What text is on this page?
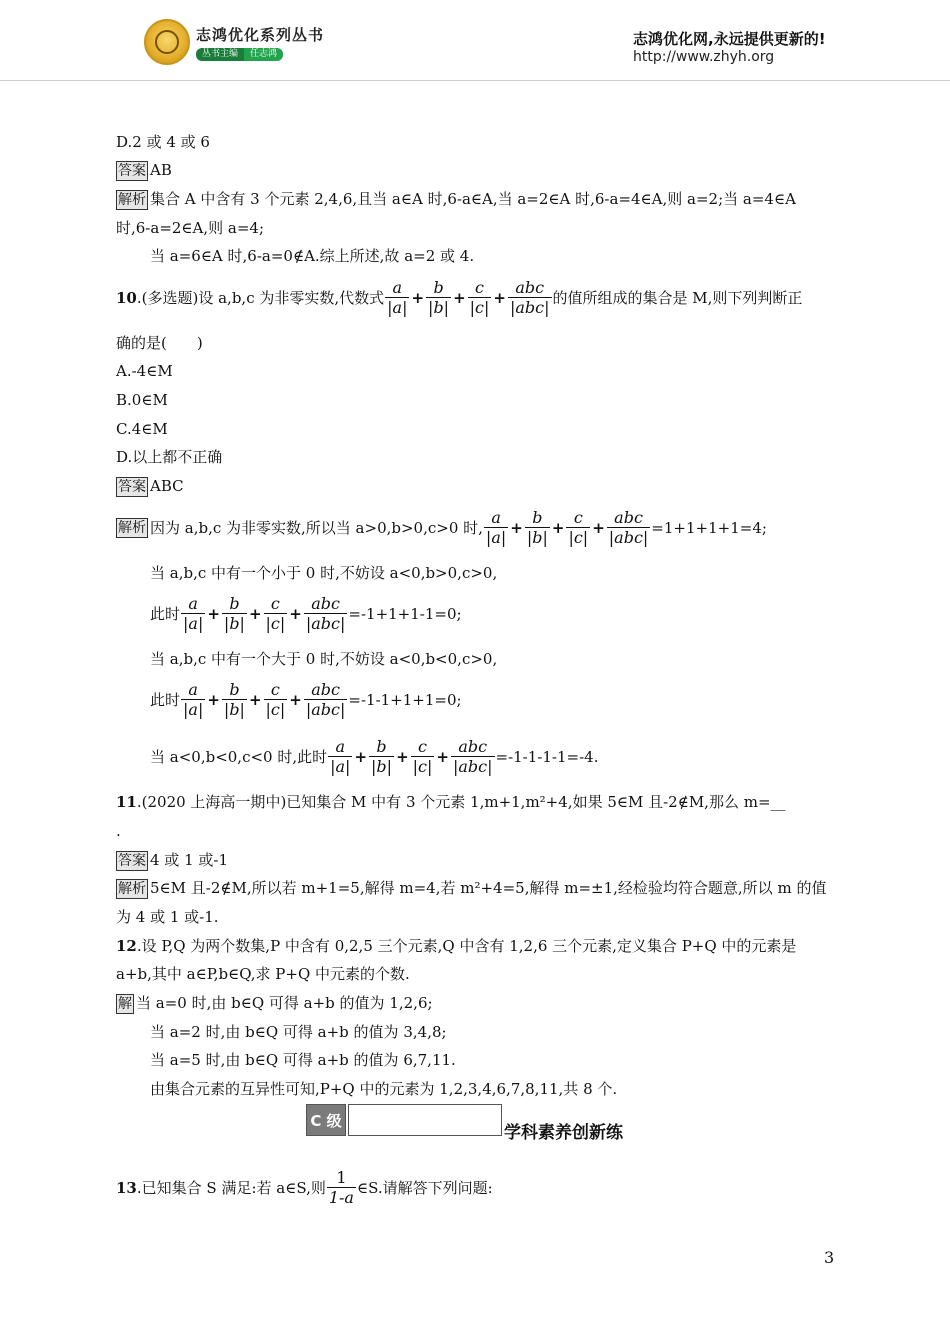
志鸿优化系列丛书
丛书主编	任志鸿
志鸿优化网,永远提供更新的!
http://www.zhyh.org
D.2 或 4 或 6
答案 AB
解析 集合 A 中含有 3 个元素 2,4,6,且当 a∈A 时,6-a∈A,当 a=2∈A 时,6-a=4∈A,则 a=2;当 a=4∈A
时,6-a=2∈A,则 a=4;
当 a=6∈A 时,6-a=0∉A.综上所述,故 a=2 或 4.
10 .(多选题)设 a,b,c 为非零实数,代数式 $\frac{a}{|a|} + \frac{b}{|b|} + \frac{c}{|c|} + \frac{\text{abc}}{\text{|abc|}}$ 的值所组成的集合是 M,则下列判断正
确的是(　　)
A.-4∈M
B.0∈M
C.4∈M
D.以上都不正确
答案 ABC
解析 因为 a,b,c 为非零实数,所以当 a>0,b>0,c>0 时, $\frac{a}{|a|} + \frac{b}{|b|} + \frac{c}{|c|} + \frac{\text{abc}}{\text{|abc|}} =1+1+1+1=4$;
当 a,b,c 中有一个小于 0 时,不妨设 a<0,b>0,c>0,
此时 $\frac{a}{|a|} + \frac{b}{|b|} + \frac{c}{|c|} + \frac{\text{abc}}{\text{|abc|}} =-1+1+1-1=0$;
当 a,b,c 中有一个大于 0 时,不妨设 a<0,b<0,c>0,
此时 $\frac{a}{|a|} + \frac{b}{|b|} + \frac{c}{|c|} + \frac{\text{abc}}{\text{|abc|}} =-1-1+1+1=0$;
当 a<0,b<0,c<0 时,此时 $\frac{a}{|a|} + \frac{b}{|b|} + \frac{c}{|c|} + \frac{\text{abc}}{\text{|abc|}} =-1-1-1-1=-4$.
11.(2020 上海高一期中)已知集合 M 中有 3 个元素 1,m+1,m²+4,如果 5∈M 且-2∉M,那么 m=__
.
答案 4 或 1 或-1
解析 5∈M 且-2∉M,所以若 m+1=5,解得 m=4,若 m²+4=5,解得 m=±1,经检验均符合题意,所以 m 的值
为 4 或 1 或-1.
12.设 P,Q 为两个数集,P 中含有 0,2,5 三个元素,Q 中含有 1,2,6 三个元素,定义集合 P+Q 中的元素是
a+b,其中 a∈P,b∈Q,求 P+Q 中元素的个数.
解 当 a=0 时,由 b∈Q 可得 a+b 的值为 1,2,6;
当 a=2 时,由 b∈Q 可得 a+b 的值为 3,4,8;
当 a=5 时,由 b∈Q 可得 a+b 的值为 6,7,11.
由集合元素的互异性可知,P+Q 中的元素为 1,2,3,4,6,7,8,11,共 8 个.
C 级
学科素养创新练
13 .已知集合 S 满足:若 a∈S,则 $\frac{1}{1-a}$ ∈S.请解答下列问题:
3
